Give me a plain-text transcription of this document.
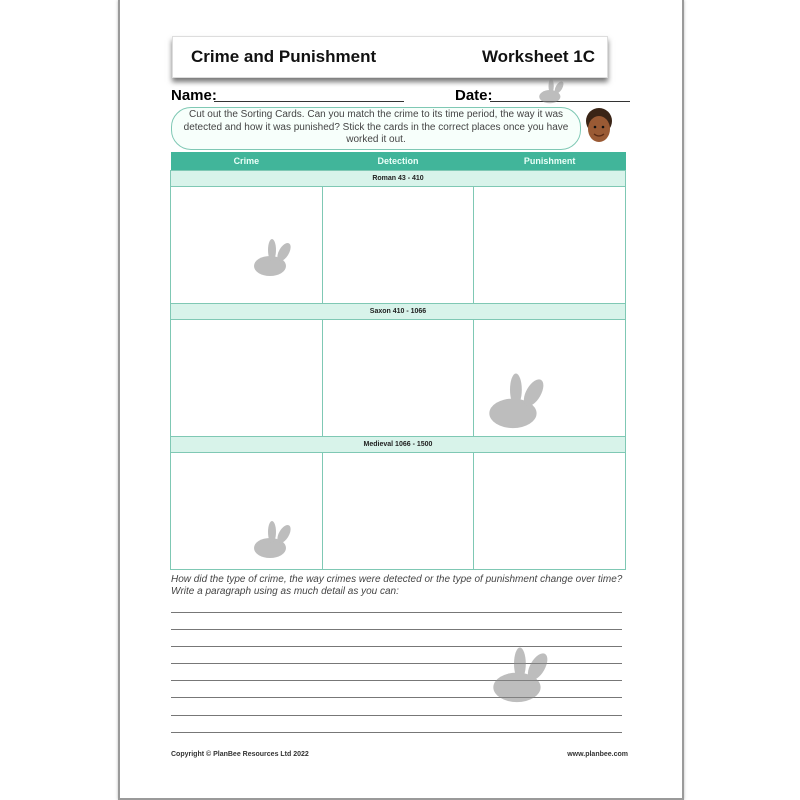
Crime and Punishment	Worksheet 1C
Name:	Date:
Cut out the Sorting Cards. Can you match the crime to its time period, the way it was detected and how it was punished? Stick the cards in the correct places once you have worked it out.
Crime	Detection	Punishment
Roman 43 - 410		

Saxon 410 - 1066		

Medieval 1066 - 1500		

How did the type of crime, the way crimes were detected or the type of punishment change over time? Write a paragraph using as much detail as you can:
Copyright © PlanBee Resources Ltd 2022	www.planbee.com
